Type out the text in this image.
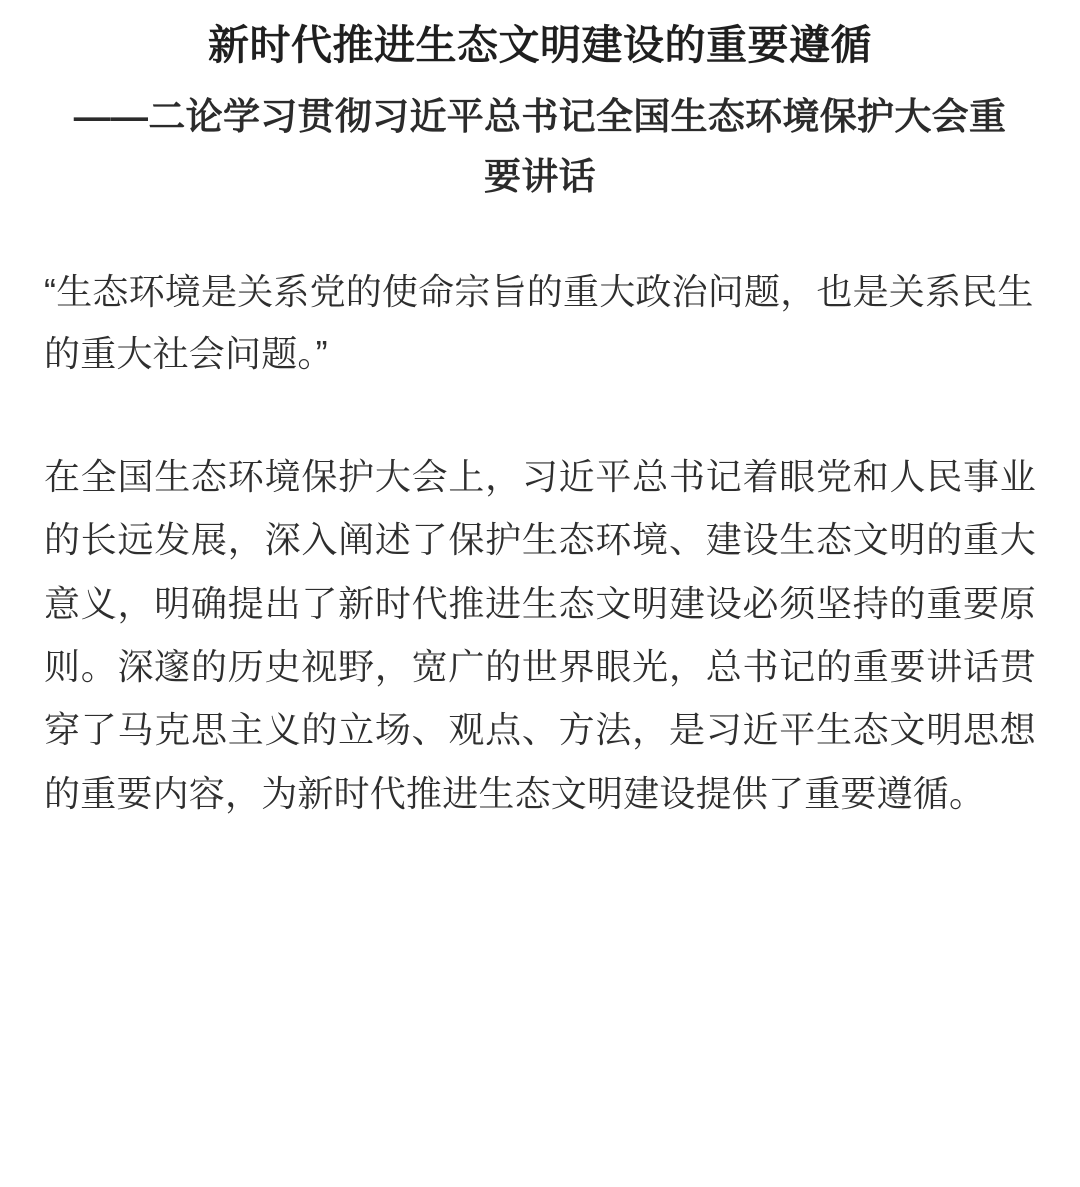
新时代推进生态文明建设的重要遵循
——二论学习贯彻习近平总书记全国生态环境保护大会重要讲话

“生态环境是关系党的使命宗旨的重大政治问题，也是关系民生的重大社会问题。”

在全国生态环境保护大会上，习近平总书记着眼党和人民事业的长远发展，深入阐述了保护生态环境、建设生态文明的重大意义，明确提出了新时代推进生态文明建设必须坚持的重要原则。深邃的历史视野，宽广的世界眼光，总书记的重要讲话贯穿了马克思主义的立场、观点、方法，是习近平生态文明思想的重要内容，为新时代推进生态文明建设提供了重要遵循。
